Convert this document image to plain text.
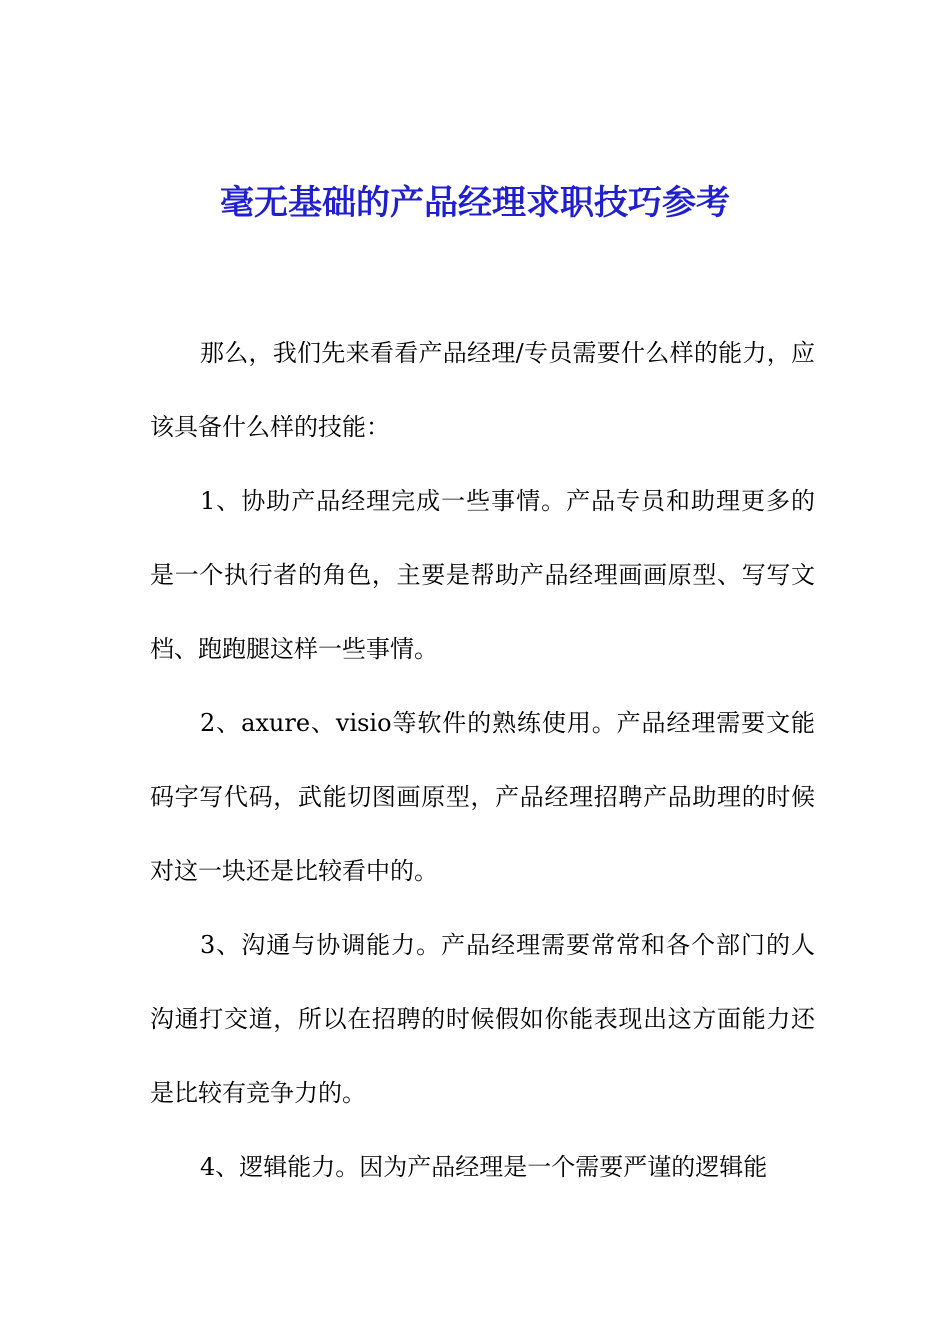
毫无基础的产品经理求职技巧参考

那么，我们先来看看产品经理/专员需要什么样的能力，应该具备什么样的技能：

1、协助产品经理完成一些事情。产品专员和助理更多的是一个执行者的角色，主要是帮助产品经理画画原型、写写文档、跑跑腿这样一些事情。

2、axure、visio等软件的熟练使用。产品经理需要文能码字写代码，武能切图画原型，产品经理招聘产品助理的时候对这一块还是比较看中的。

3、沟通与协调能力。产品经理需要常常和各个部门的人沟通打交道，所以在招聘的时候假如你能表现出这方面能力还是比较有竞争力的。

4、逻辑能力。因为产品经理是一个需要严谨的逻辑能
